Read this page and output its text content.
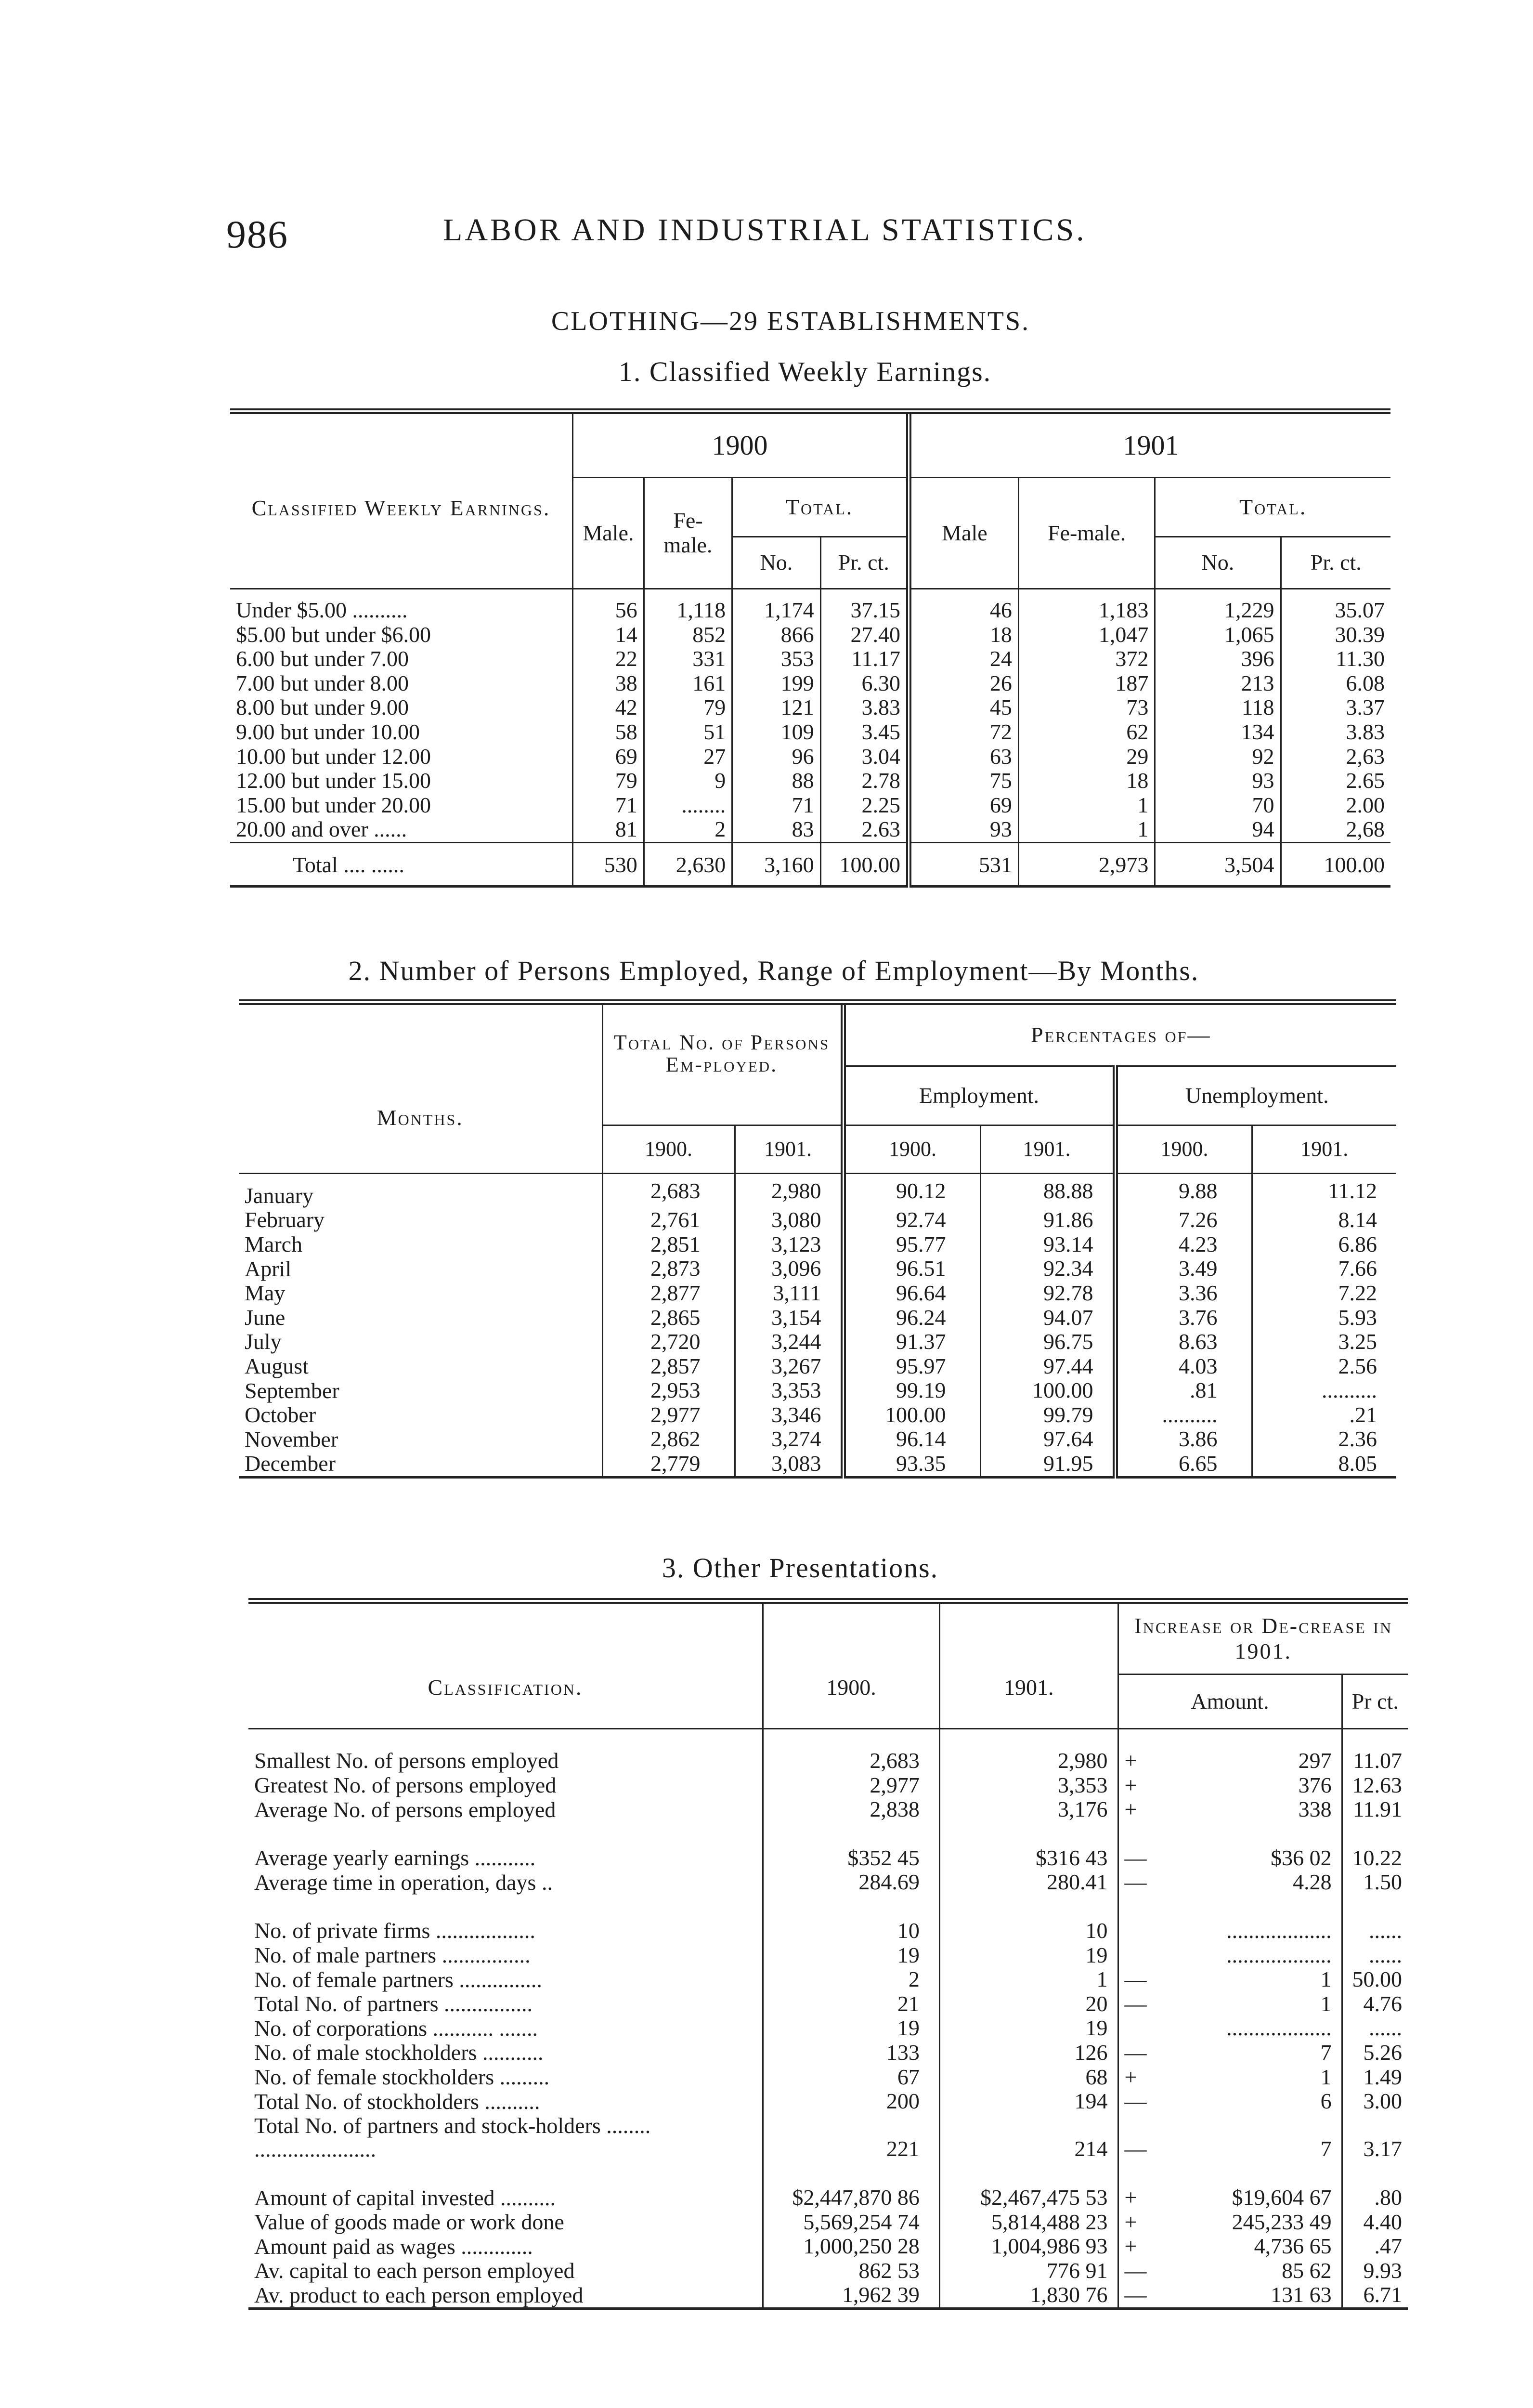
986	LABOR AND INDUSTRIAL STATISTICS.
CLOTHING—29 ESTABLISHMENTS.
1. Classified Weekly Earnings.
Classified Weekly Earnings.	1900				1901			
	Male.	Fe-male.	Total.		Male	Fe-male.	Total.	
			No.	Pr. ct.			No.	Pr. ct.
Under $5.00 ..........	56	1,118	1,174	37.15	46	1,183	1,229	35.07
$5.00 but under $6.00	14	852	866	27.40	18	1,047	1,065	30.39
6.00 but under 7.00	22	331	353	11.17	24	372	396	11.30
7.00 but under 8.00	38	161	199	6.30	26	187	213	6.08
8.00 but under 9.00	42	79	121	3.83	45	73	118	3.37
9.00 but under 10.00	58	51	109	3.45	72	62	134	3.83
10.00 but under 12.00	69	27	96	3.04	63	29	92	2,63
12.00 but under 15.00	79	9	88	2.78	75	18	93	2.65
15.00 but under 20.00	71	........	71	2.25	69	1	70	2.00
20.00 and over ......	81	2	83	2.63	93	1	94	2,68
Total .... ......	530	2,630	3,160	100.00	531	2,973	3,504	100.00
2. Number of Persons Employed, Range of Employment—By Months.
Months.	Total No. of Persons Em-ployed.		Percentages of—			
			Employment.		Unemployment.	
	1900.	1901.	1900.	1901.	1900.	1901.
January	2,683	2,980	90.12	88.88	9.88	11.12
February	2,761	3,080	92.74	91.86	7.26	8.14
March	2,851	3,123	95.77	93.14	4.23	6.86
April	2,873	3,096	96.51	92.34	3.49	7.66
May	2,877	3,111	96.64	92.78	3.36	7.22
June	2,865	3,154	96.24	94.07	3.76	5.93
July	2,720	3,244	91.37	96.75	8.63	3.25
August	2,857	3,267	95.97	97.44	4.03	2.56
September	2,953	3,353	99.19	100.00	.81	..........
October	2,977	3,346	100.00	99.79	..........	.21
November	2,862	3,274	96.14	97.64	3.86	2.36
December	2,779	3,083	93.35	91.95	6.65	8.05
3. Other Presentations.
Classification.	1900.	1901.	Increase or De-crease in 1901.		
			Amount.		Pr ct.
Smallest No. of persons employed	2,683	2,980	+	297	11.07
Greatest No. of persons employed	2,977	3,353	+	376	12.63
Average No. of persons employed	2,838	3,176	+	338	11.91

Average yearly earnings ...........	$352 45	$316 43	—	$36 02	10.22
Average time in operation, days ..	284.69	280.41	—	4.28	1.50

No. of private firms ..................	10	10		...................	......
No. of male partners ................	19	19		...................	......
No. of female partners ...............	2	1	—	1	50.00
Total No. of partners ................	21	20	—	1	4.76
No. of corporations ........... .......	19	19		...................	......
No. of male stockholders ...........	133	126	—	7	5.26
No. of female stockholders .........	67	68	+	1	1.49
Total No. of stockholders ..........	200	194	—	6	3.00
Total No. of partners and stock-holders ........ ......................	221	214	—	7	3.17

Amount of capital invested ..........	$2,447,870 86	$2,467,475 53	+	$19,604 67	.80
Value of goods made or work done	5,569,254 74	5,814,488 23	+	245,233 49	4.40
Amount paid as wages .............	1,000,250 28	1,004,986 93	+	4,736 65	.47
Av. capital to each person employed	862 53	776 91	—	85 62	9.93
Av. product to each person employed	1,962 39	1,830 76	—	131 63	6.71
